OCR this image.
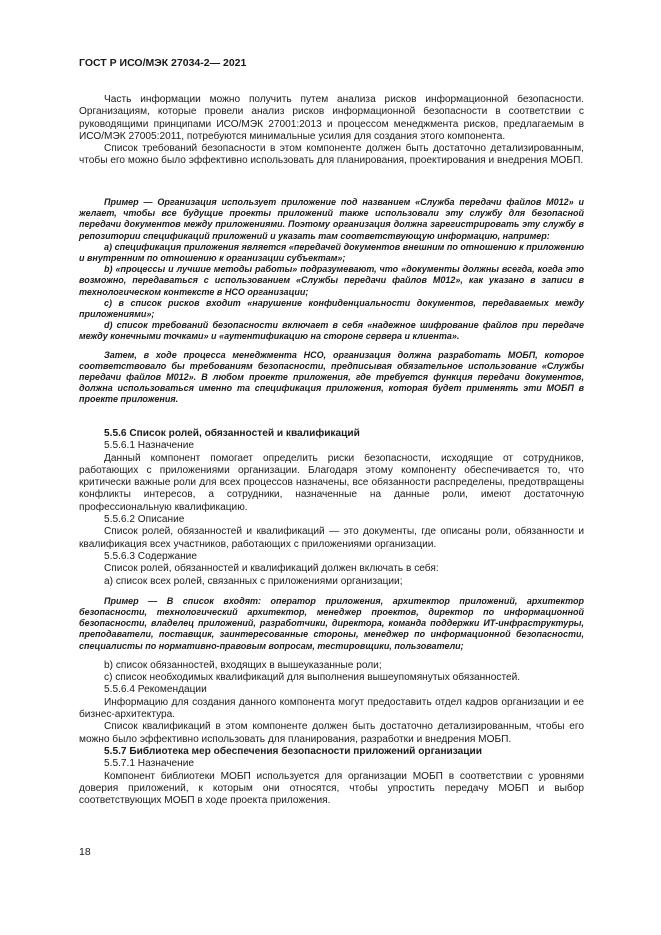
ГОСТ Р ИСО/МЭК 27034-2— 2021

Часть информации можно получить путем анализа рисков информационной безопасности. Организациям, которые провели анализ рисков информационной безопасности в соответствии с руководящими принципами ИСО/МЭК 27001:2013 и процессом менеджмента рисков, предлагаемым в ИСО/МЭК 27005:2011, потребуются минимальные усилия для создания этого компонента.

Список требований безопасности в этом компоненте должен быть достаточно детализированным, чтобы его можно было эффективно использовать для планирования, проектирования и внедрения МОБП.

Пример — Организация использует приложение под названием «Служба передачи файлов М012» и желает, чтобы все будущие проекты приложений также использовали эту службу для безопасной передачи документов между приложениями. Поэтому организация должна зарегистрировать эту службу в репозитории спецификаций приложений и указать там соответствующую информацию, например:

а) спецификация приложения является «передачей документов внешним по отношению к приложению и внутренним по отношению к организации субъектам»;

b) «процессы и лучшие методы работы» подразумевают, что «документы должны всегда, когда это возможно, передаваться с использованием «Службы передачи файлов М012», как указано в записи в технологическом контексте в НСО организации;

с) в список рисков входит «нарушение конфиденциальности документов, передаваемых между приложениями»;

d) список требований безопасности включает в себя «надежное шифрование файлов при передаче между конечными точками» и «аутентификацию на стороне сервера и клиента».

Затем, в ходе процесса менеджмента НСО, организация должна разработать МОБП, которое соответствовало бы требованиям безопасности, предписывая обязательное использование «Службы передачи файлов М012». В любом проекте приложения, где требуется функция передачи документов, должна использоваться именно та спецификация приложения, которая будет применять эти МОБП в проекте приложения.

5.5.6 Список ролей, обязанностей и квалификаций

5.5.6.1 Назначение

Данный компонент помогает определить риски безопасности, исходящие от сотрудников, работающих с приложениями организации. Благодаря этому компоненту обеспечивается то, что критически важные роли для всех процессов назначены, все обязанности распределены, предотвращены конфликты интересов, а сотрудники, назначенные на данные роли, имеют достаточную профессиональную квалификацию.

5.5.6.2 Описание

Список ролей, обязанностей и квалификаций — это документы, где описаны роли, обязанности и квалификация всех участников, работающих с приложениями организации.

5.5.6.3 Содержание

Список ролей, обязанностей и квалификаций должен включать в себя:

а) список всех ролей, связанных с приложениями организации;

Пример — В список входят: оператор приложения, архитектор приложений, архитектор безопасности, технологический архитектор, менеджер проектов, директор по информационной безопасности, владелец приложений, разработчики, директора, команда поддержки ИТ-инфраструктуры, преподаватели, поставщик, заинтересованные стороны, менеджер по информационной безопасности, специалисты по нормативно-правовым вопросам, тестировщики, пользователи;

b) список обязанностей, входящих в вышеуказанные роли;

с) список необходимых квалификаций для выполнения вышеупомянутых обязанностей.

5.5.6.4 Рекомендации

Информацию для создания данного компонента могут предоставить отдел кадров организации и ее бизнес-архитектура.

Список квалификаций в этом компоненте должен быть достаточно детализированным, чтобы его можно было эффективно использовать для планирования, разработки и внедрения МОБП.

5.5.7 Библиотека мер обеспечения безопасности приложений организации

5.5.7.1 Назначение

Компонент библиотеки МОБП используется для организации МОБП в соответствии с уровнями доверия приложений, к которым они относятся, чтобы упростить передачу МОБП и выбор соответствующих МОБП в ходе проекта приложения.

18
